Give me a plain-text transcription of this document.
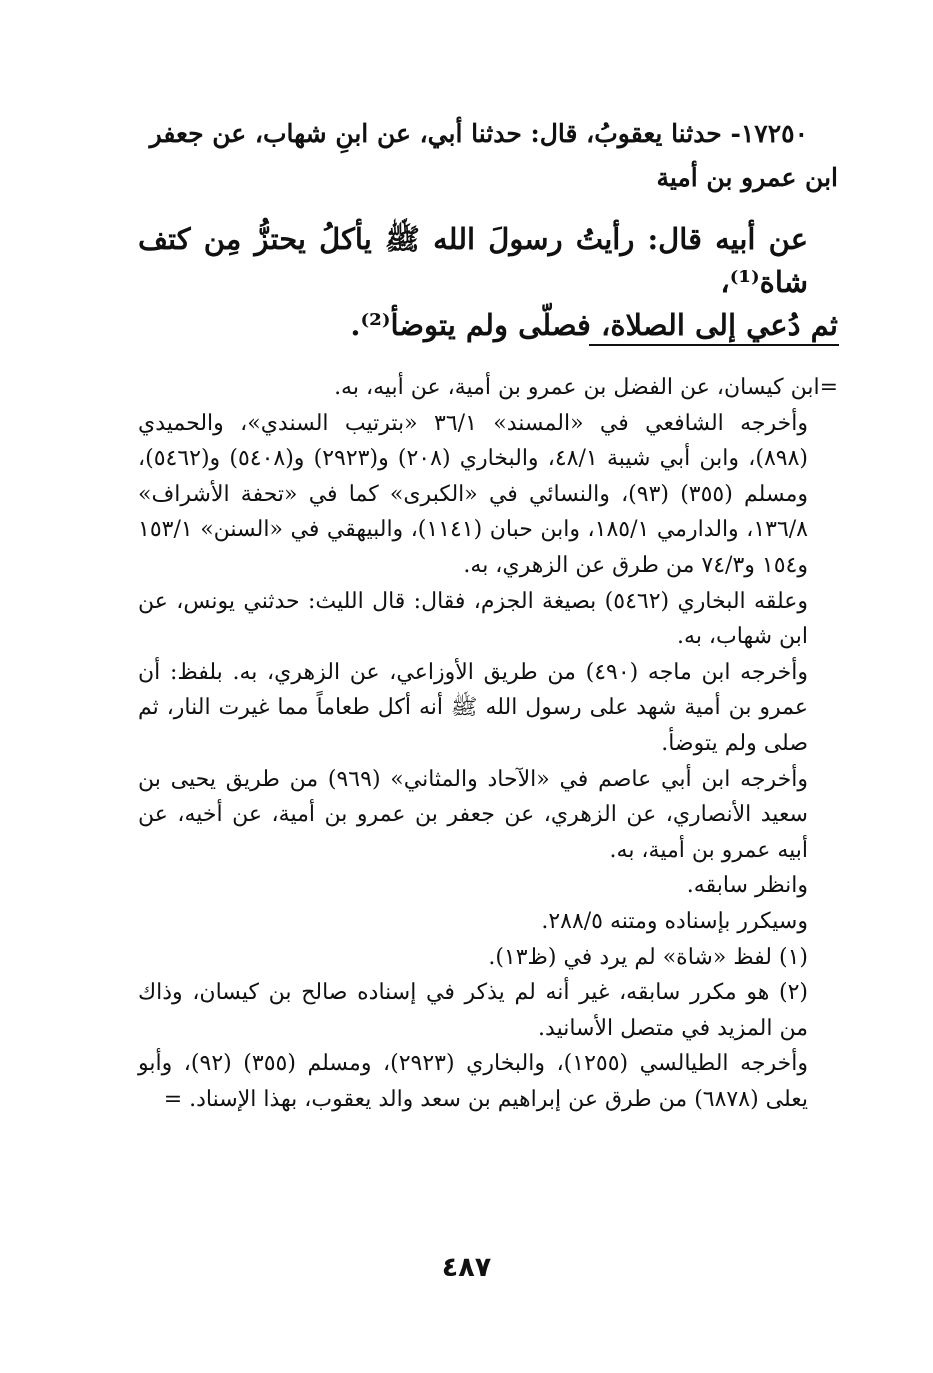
١٧٢٥٠- حدثنا يعقوبُ، قال: حدثنا أبي، عن ابنِ شهاب، عن جعفر

ابن عمرو بن أمية

عن أبيه قال: رأيتُ رسولَ الله ﷺ يأكلُ يحتزُّ مِن كتف شاة⁽¹⁾،

ثم دُعي إلى الصلاة، فصلّى ولم يتوضأ⁽²⁾.

=ابن كيسان، عن الفضل بن عمرو بن أمية، عن أبيه، به.

وأخرجه الشافعي في «المسند» ٣٦/١ «بترتيب السندي»، والحميدي (٨٩٨)، وابن أبي شيبة ٤٨/١، والبخاري (٢٠٨) و(٢٩٢٣) و(٥٤٠٨) و(٥٤٦٢)، ومسلم (٣٥٥) (٩٣)، والنسائي في «الكبرى» كما في «تحفة الأشراف» ١٣٦/٨، والدارمي ١٨٥/١، وابن حبان (١١٤١)، والبيهقي في «السنن» ١٥٣/١ و١٥٤ و٧٤/٣ من طرق عن الزهري، به.

وعلقه البخاري (٥٤٦٢) بصيغة الجزم، فقال: قال الليث: حدثني يونس، عن ابن شهاب، به.

وأخرجه ابن ماجه (٤٩٠) من طريق الأوزاعي، عن الزهري، به. بلفظ: أن عمرو بن أمية شهد على رسول الله ﷺ أنه أكل طعاماً مما غيرت النار، ثم صلى ولم يتوضأ.

وأخرجه ابن أبي عاصم في «الآحاد والمثاني» (٩٦٩) من طريق يحيى بن سعيد الأنصاري، عن الزهري، عن جعفر بن عمرو بن أمية، عن أخيه، عن أبيه عمرو بن أمية، به.

وانظر سابقه.

وسيكرر بإسناده ومتنه ٢٨٨/٥.

(١) لفظ «شاة» لم يرد في (ظ١٣).

(٢) هو مكرر سابقه، غير أنه لم يذكر في إسناده صالح بن كيسان، وذاك من المزيد في متصل الأسانيد.

وأخرجه الطيالسي (١٢٥٥)، والبخاري (٢٩٢٣)، ومسلم (٣٥٥) (٩٢)، وأبو يعلى (٦٨٧٨) من طرق عن إبراهيم بن سعد والد يعقوب، بهذا الإسناد. =

٤٨٧
